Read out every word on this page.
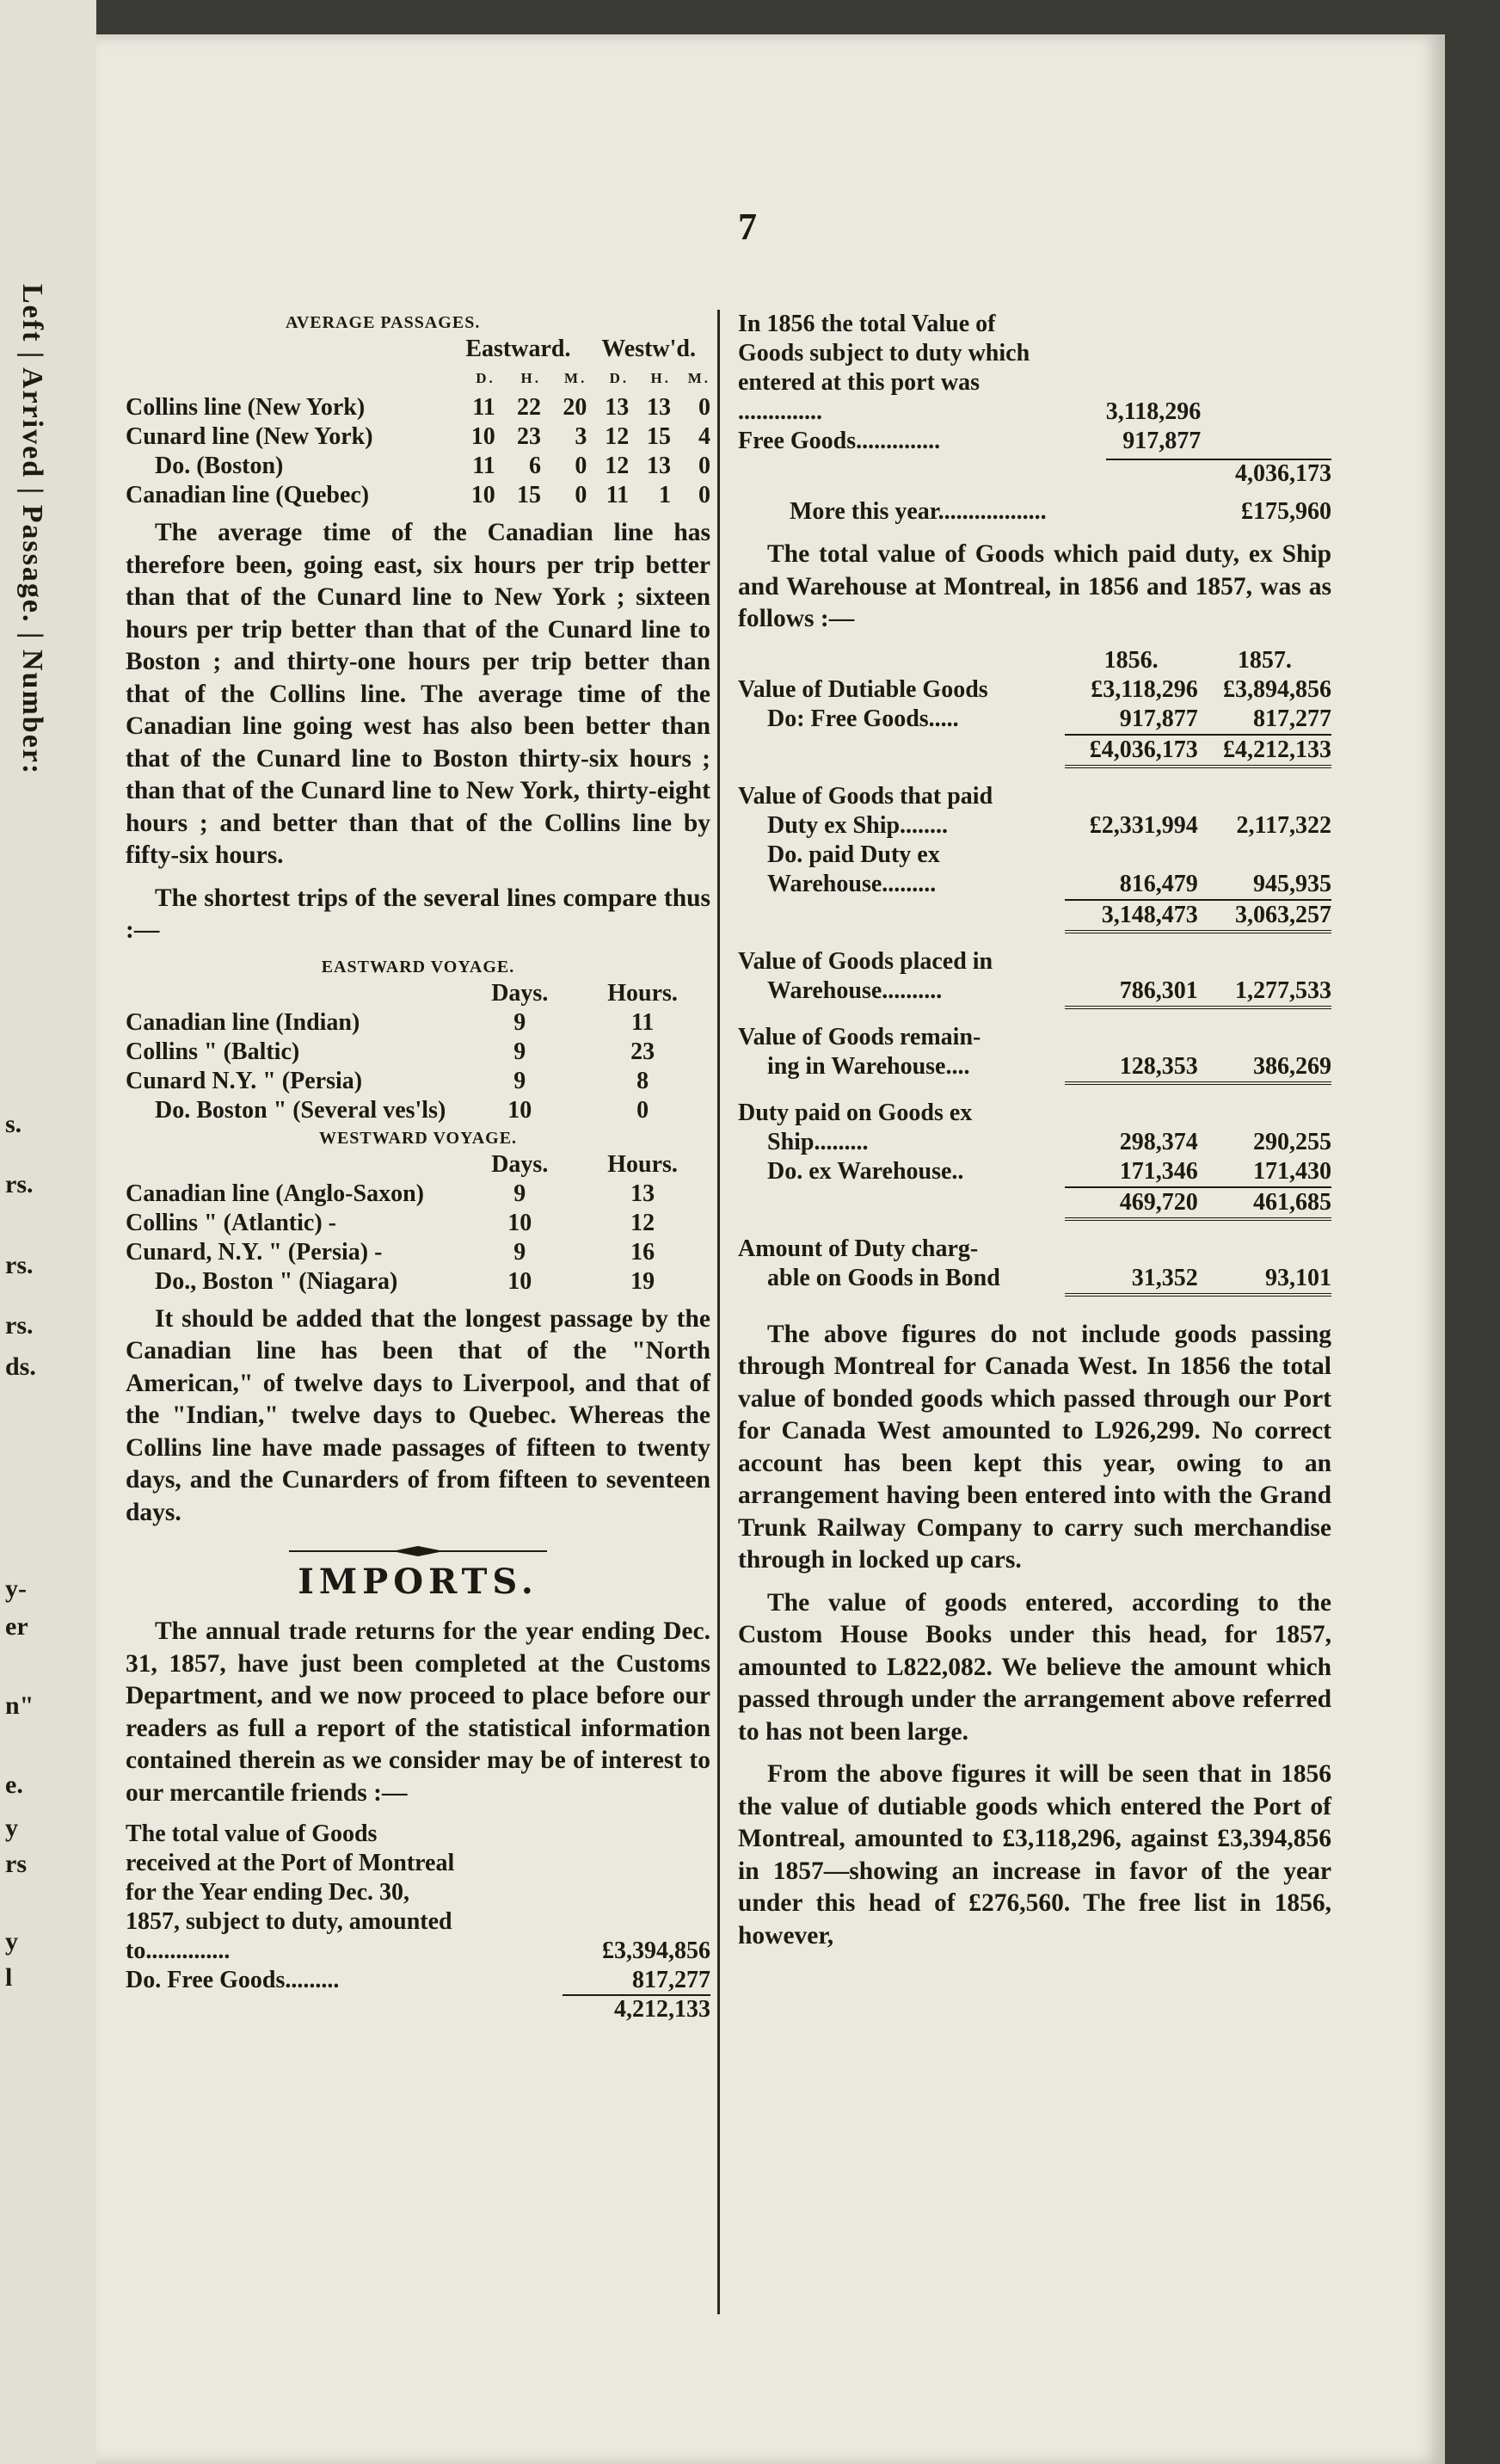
Left | Arrived | Passage. | Number:
s.
rs.
rs.
rs.
ds.
y-
er
n"
e.
y
rs
y
l
7
AVERAGE PASSAGES.
	Eastward.			Westw'd.		
	D.	H.	M.	D.	H.	M.
Collins line (New York)	11	22	20	13	13	0
Cunard line (New York)	10	23	3	12	15	4
Do. (Boston)	11	6	0	12	13	0
Canadian line (Quebec)	10	15	0	11	1	0

The average time of the Canadian line has therefore been, going east, six hours per trip better than that of the Cunard line to New York ; sixteen hours per trip better than that of the Cunard line to Boston ; and thirty-one hours per trip better than that of the Collins line. The average time of the Canadian line going west has also been better than that of the Cunard line to Boston thirty-six hours ; than that of the Cunard line to New York, thirty-eight hours ; and better than that of the Collins line by fifty-six hours.

The shortest trips of the several lines compare thus :—

EASTWARD VOYAGE.
	Days.	Hours.
Canadian line (Indian)	9	11
Collins " (Baltic)	9	23
Cunard N.Y. " (Persia)	9	8
Do. Boston " (Several ves'ls)	10	0
WESTWARD VOYAGE.
	Days.	Hours.
Canadian line (Anglo-Saxon)	9	13
Collins " (Atlantic) -	10	12
Cunard, N.Y. " (Persia) -	9	16
Do., Boston " (Niagara)	10	19

It should be added that the longest passage by the Canadian line has been that of the "North American," of twelve days to Liverpool, and that of the "Indian," twelve days to Quebec. Whereas the Collins line have made passages of fifteen to twenty days, and the Cunarders of from fifteen to seventeen days.

IMPORTS.

The annual trade returns for the year ending Dec. 31, 1857, have just been completed at the Customs Department, and we now proceed to place before our readers as full a report of the statistical information contained therein as we consider may be of interest to our mercantile friends :—

The total value of Goods received at the Port of Montreal for the Year ending Dec. 30, 1857, subject to duty, amounted to..............	£3,394,856	
Do. Free Goods.........	817,277	
	4,212,133	
In 1856 the total Value of Goods subject to duty which entered at this port was ..............	3,118,296	
Free Goods..............	917,877	
	4,036,173	
More this year..................		£175,960

The total value of Goods which paid duty, ex Ship and Warehouse at Montreal, in 1856 and 1857, was as follows :—

	1856.	1857.
Value of Dutiable Goods	£3,118,296	£3,894,856
Do: Free Goods.....	917,877	817,277
	£4,036,173	£4,212,133

Value of Goods that paid		
Duty ex Ship........	£2,331,994	2,117,322
Do. paid Duty ex		
Warehouse.........	816,479	945,935
	3,148,473	3,063,257

Value of Goods placed in		
Warehouse..........	786,301	1,277,533

Value of Goods remain-		
ing in Warehouse....	128,353	386,269

Duty paid on Goods ex		
Ship.........	298,374	290,255
Do. ex Warehouse..	171,346	171,430
	469,720	461,685

Amount of Duty charg-		
able on Goods in Bond	31,352	93,101

The above figures do not include goods passing through Montreal for Canada West. In 1856 the total value of bonded goods which passed through our Port for Canada West amounted to L926,299. No correct account has been kept this year, owing to an arrangement having been entered into with the Grand Trunk Railway Company to carry such merchandise through in locked up cars.

The value of goods entered, according to the Custom House Books under this head, for 1857, amounted to L822,082. We believe the amount which passed through under the arrangement above referred to has not been large.

From the above figures it will be seen that in 1856 the value of dutiable goods which entered the Port of Montreal, amounted to £3,118,296, against £3,394,856 in 1857—showing an increase in favor of the year under this head of £276,560. The free list in 1856, however,
